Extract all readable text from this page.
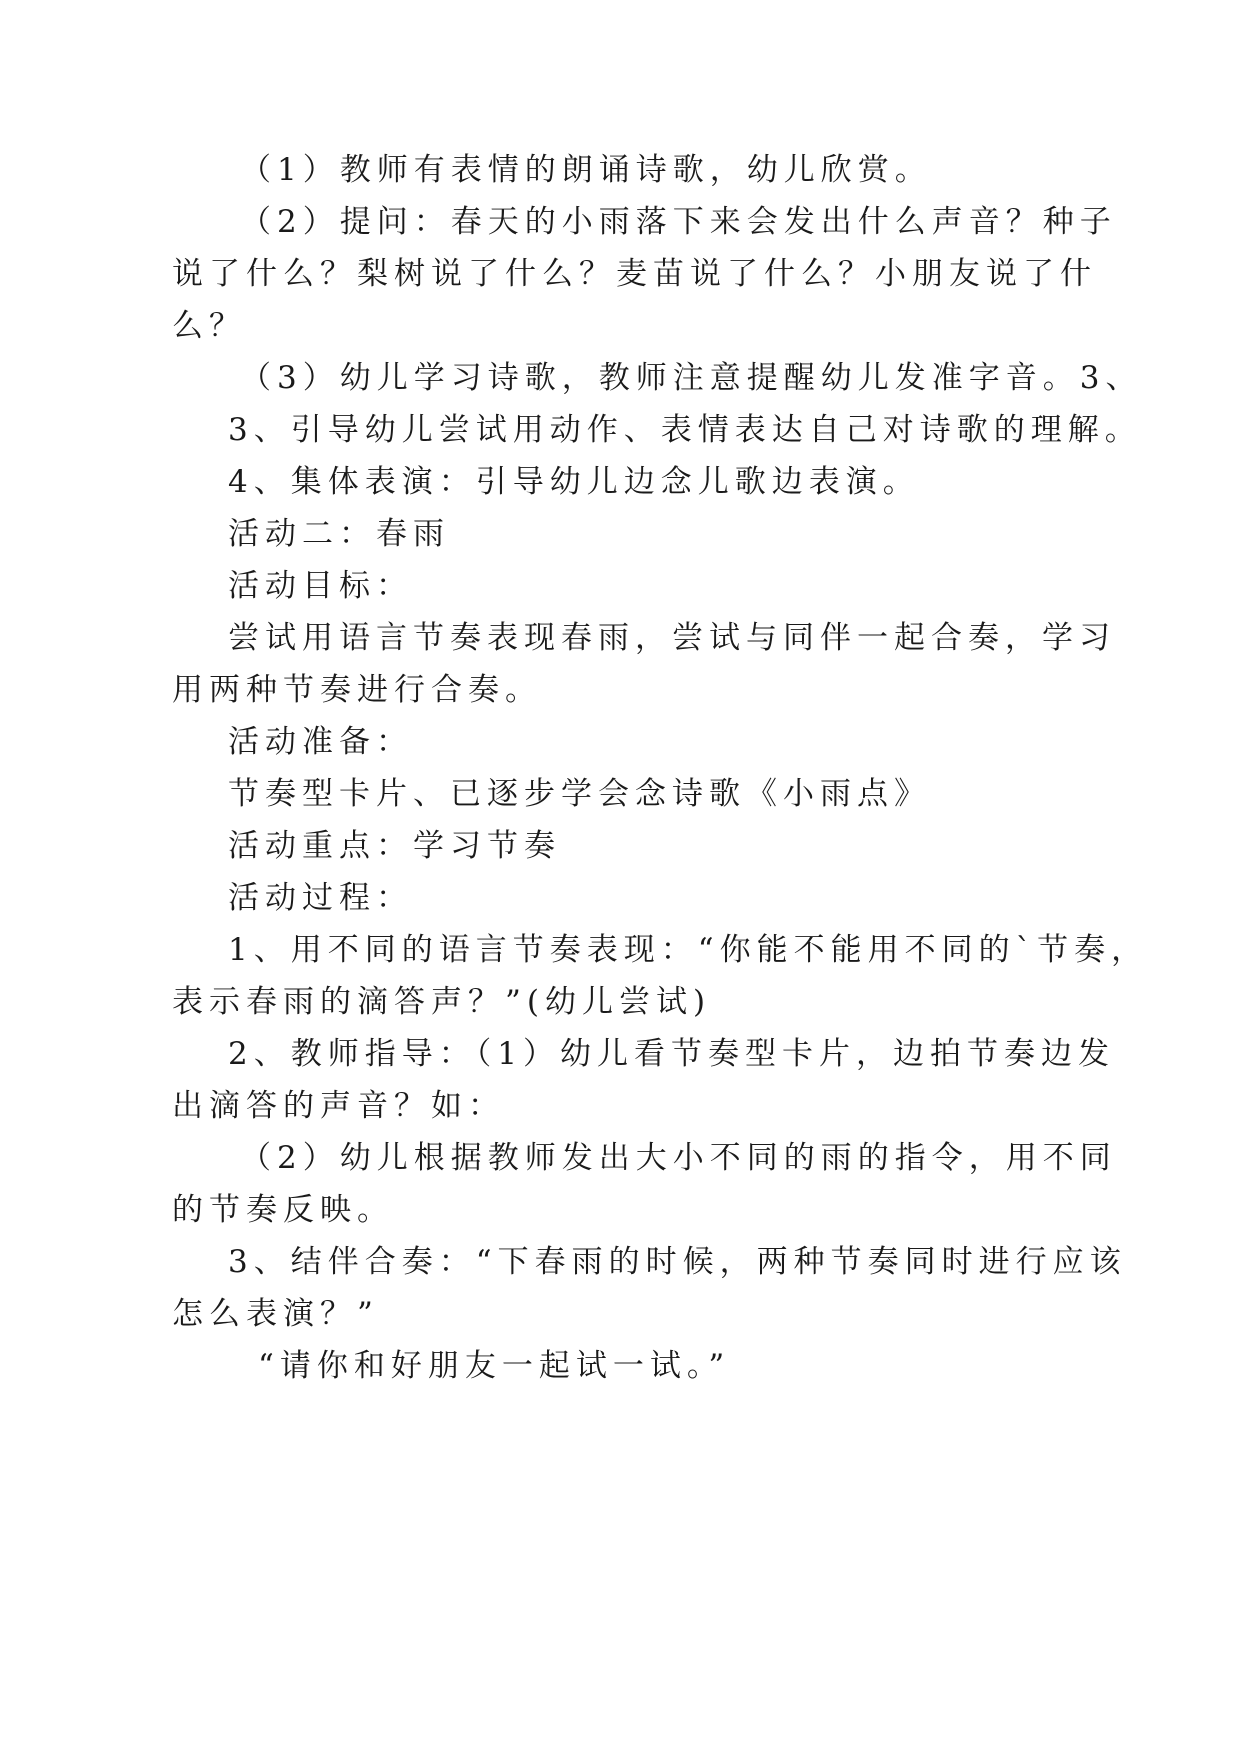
（1）教师有表情的朗诵诗歌，幼儿欣赏。
（2）提问：春天的小雨落下来会发出什么声音？种子
说了什么？梨树说了什么？麦苗说了什么？小朋友说了什
么？
（3）幼儿学习诗歌，教师注意提醒幼儿发准字音。3、
3、引导幼儿尝试用动作、表情表达自己对诗歌的理解。
4、集体表演：引导幼儿边念儿歌边表演。
活动二：春雨
活动目标：
尝试用语言节奏表现春雨，尝试与同伴一起合奏，学习
用两种节奏进行合奏。
活动准备：
节奏型卡片、已逐步学会念诗歌《小雨点》
活动重点：学习节奏
活动过程：
1、用不同的语言节奏表现：“你能不能用不同的`节奏，
表示春雨的滴答声？”(幼儿尝试)
2、教师指导：（1）幼儿看节奏型卡片，边拍节奏边发
出滴答的声音？如：
（2）幼儿根据教师发出大小不同的雨的指令，用不同
的节奏反映。
3、结伴合奏：“下春雨的时候，两种节奏同时进行应该
怎么表演？”
“请你和好朋友一起试一试。”
